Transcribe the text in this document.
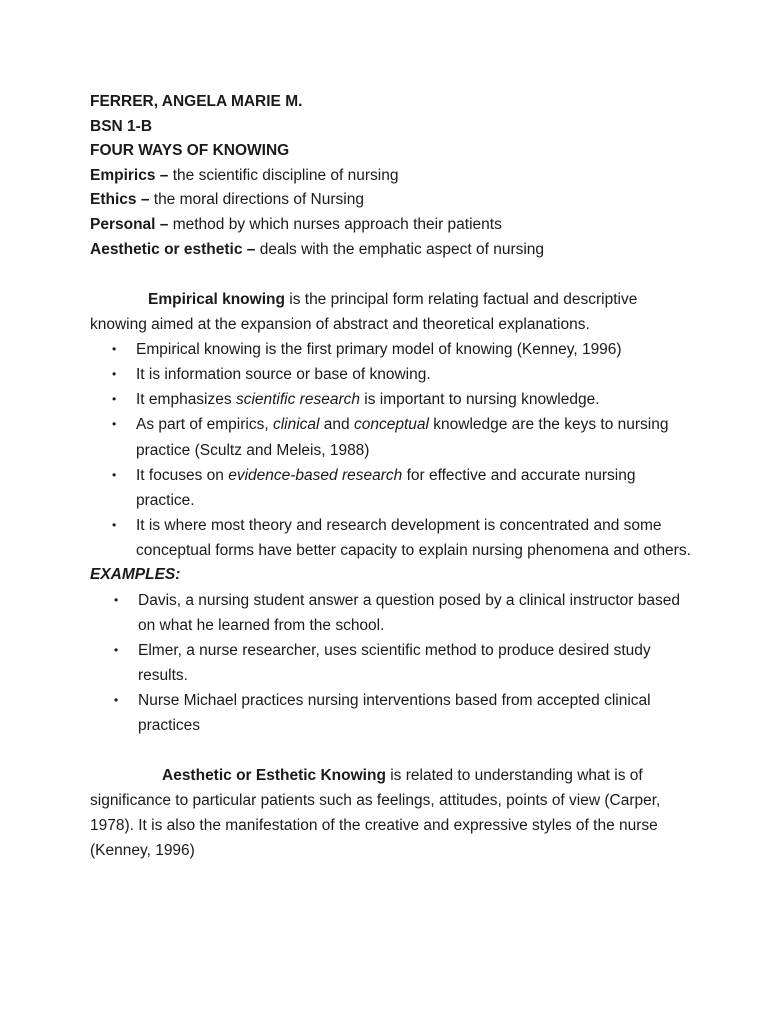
FERRER, ANGELA MARIE M.
BSN 1-B
FOUR WAYS OF KNOWING
Empirics – the scientific discipline of nursing
Ethics – the moral directions of Nursing
Personal – method by which nurses approach their patients
Aesthetic or esthetic – deals with the emphatic aspect of nursing
Empirical knowing is the principal form relating factual and descriptive knowing aimed at the expansion of abstract and theoretical explanations.
• Empirical knowing is the first primary model of knowing (Kenney, 1996)
• It is information source or base of knowing.
• It emphasizes scientific research is important to nursing knowledge.
• As part of empirics, clinical and conceptual knowledge are the keys to nursing practice (Scultz and Meleis, 1988)
• It focuses on evidence-based research for effective and accurate nursing practice.
• It is where most theory and research development is concentrated and some conceptual forms have better capacity to explain nursing phenomena and others.
EXAMPLES:
• Davis, a nursing student answer a question posed by a clinical instructor based on what he learned from the school.
• Elmer, a nurse researcher, uses scientific method to produce desired study results.
• Nurse Michael practices nursing interventions based from accepted clinical practices
Aesthetic or Esthetic Knowing is related to understanding what is of significance to particular patients such as feelings, attitudes, points of view (Carper, 1978). It is also the manifestation of the creative and expressive styles of the nurse (Kenney, 1996)
